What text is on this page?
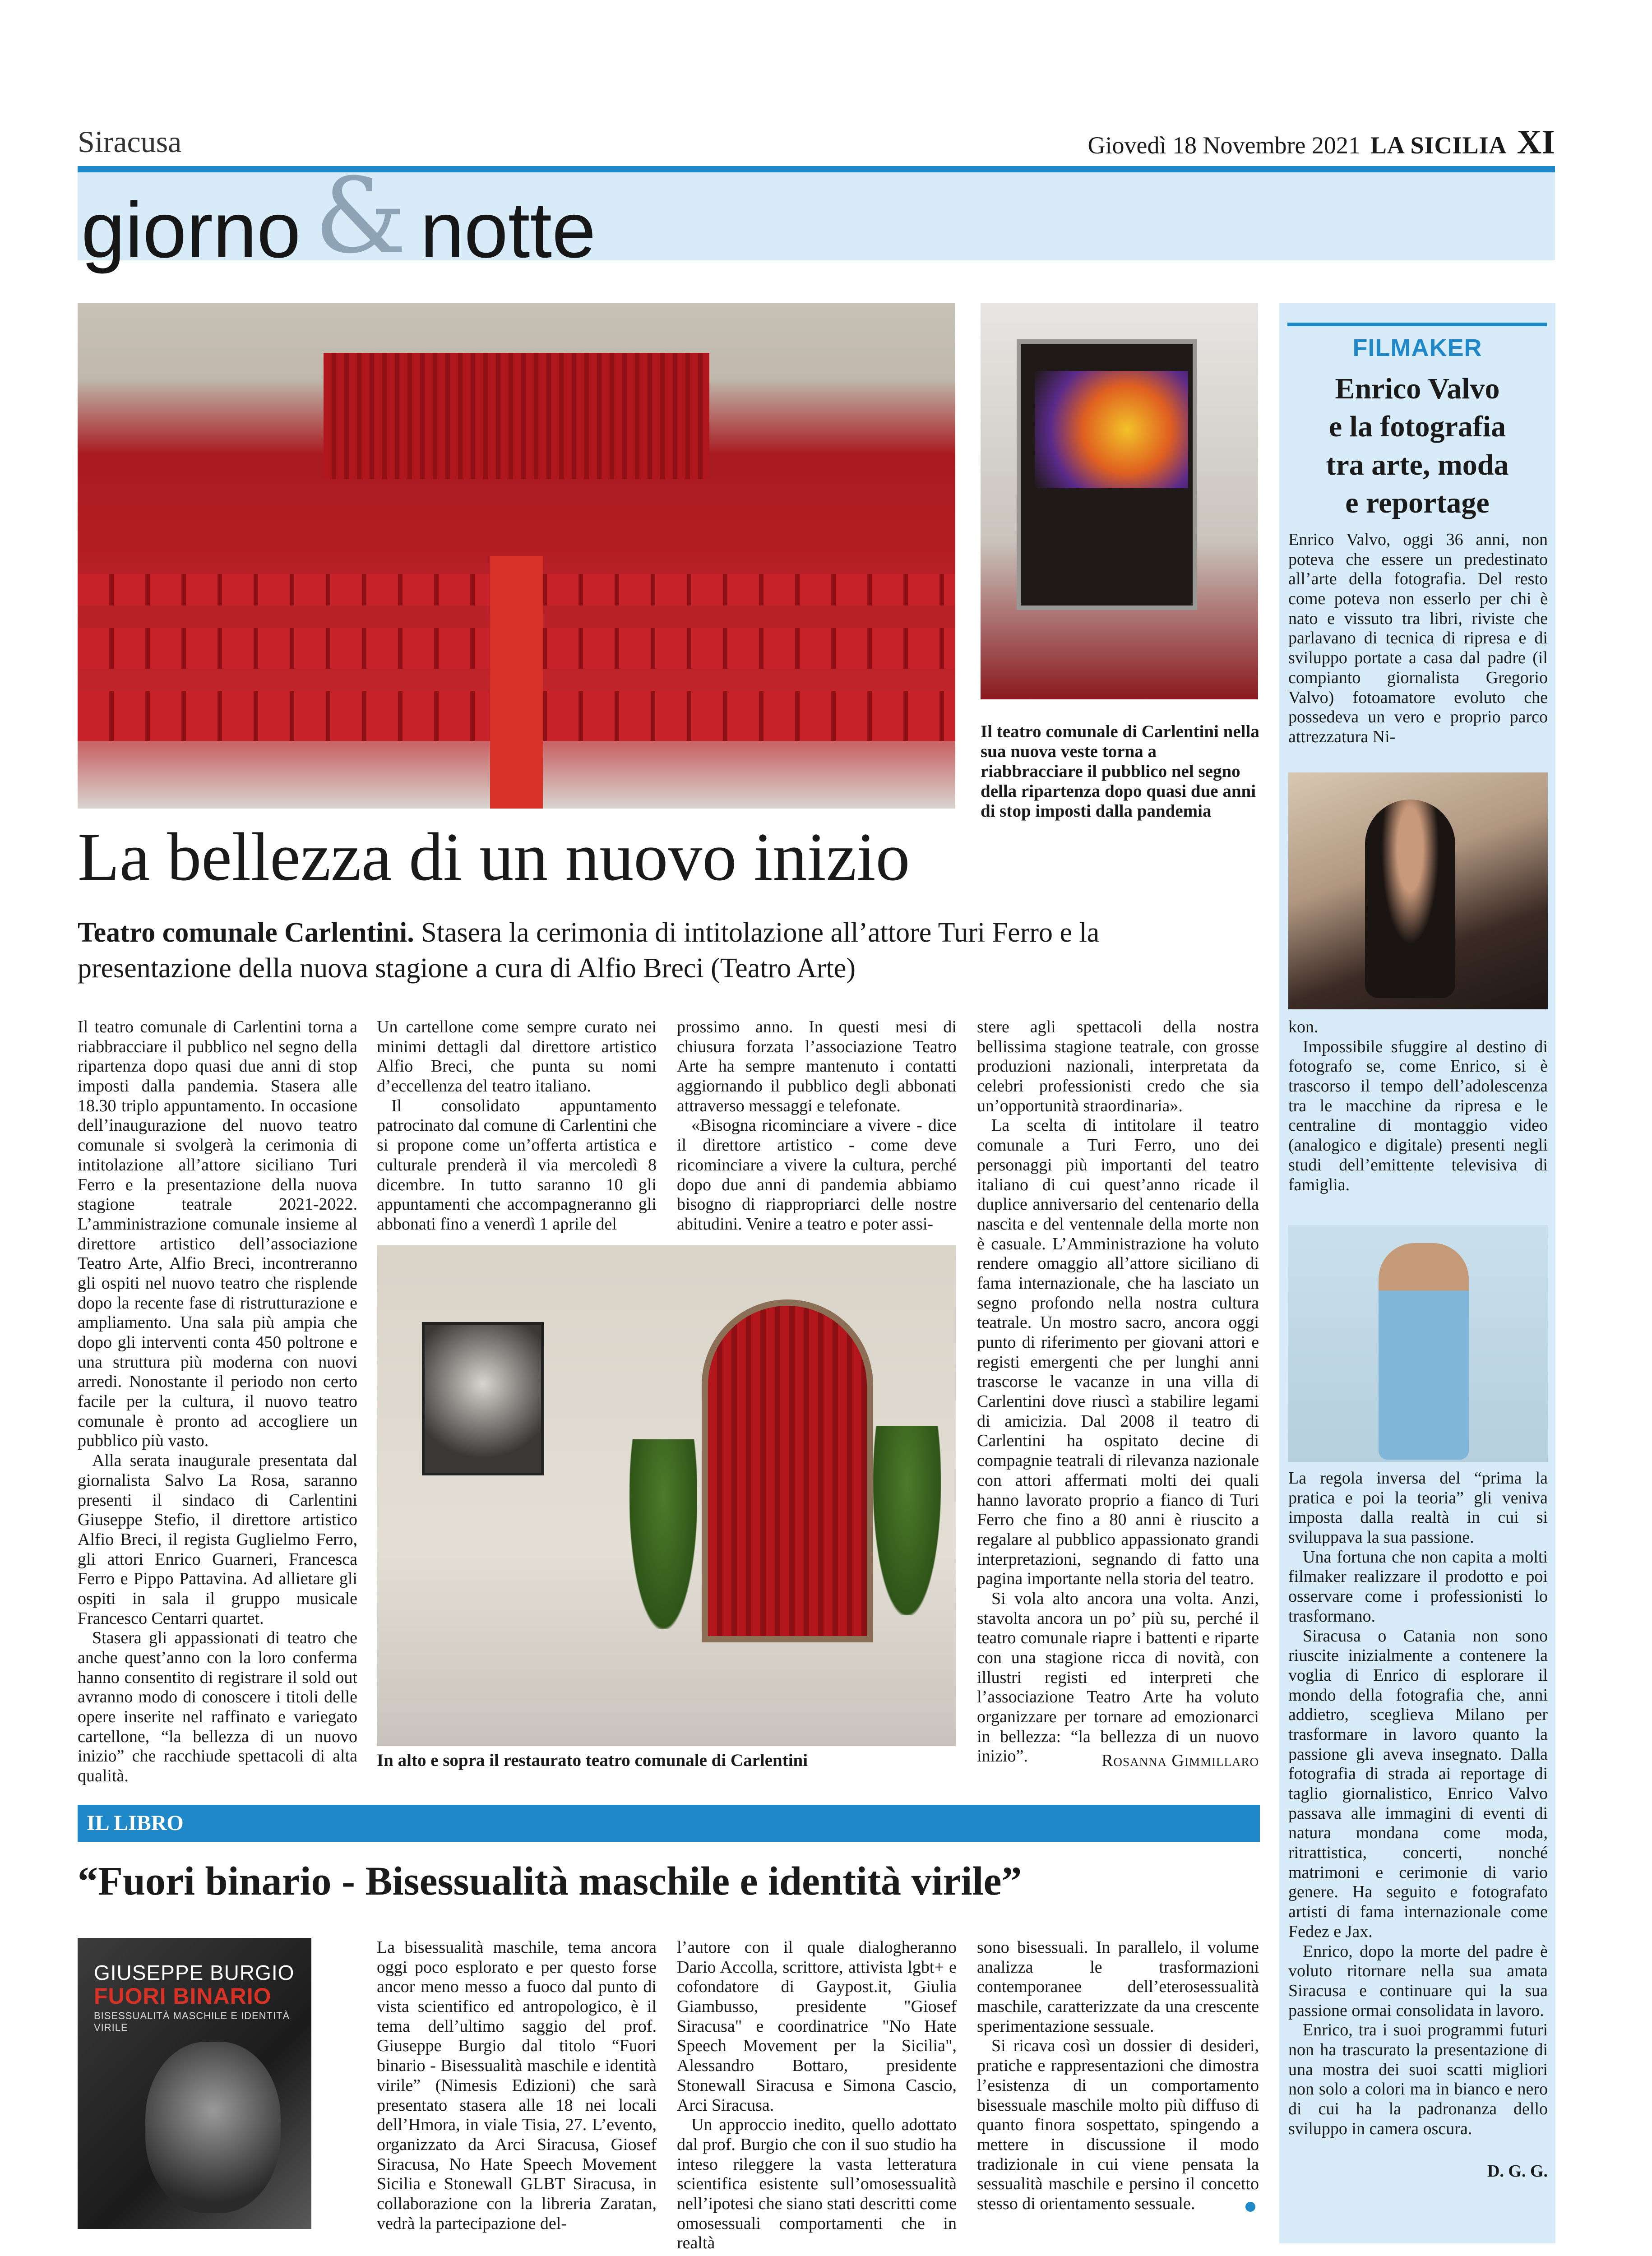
Siracusa	Giovedì 18 Novembre 2021 LA SICILIA XI
giorno & notte
Il teatro comunale di Carlentini nella sua nuova veste torna a riabbracciare il pubblico nel segno della ripartenza dopo quasi due anni di stop imposti dalla pandemia
La bellezza di un nuovo inizio
Teatro comunale Carlentini. Stasera la cerimonia di intitolazione all’attore Turi Ferro e la presentazione della nuova stagione a cura di Alfio Breci (Teatro Arte)

Il teatro comunale di Carlentini torna a riabbracciare il pubblico nel segno della ripartenza dopo quasi due anni di stop imposti dalla pandemia. Stasera alle 18.30 triplo appuntamento. In occasione dell’inaugurazione del nuovo teatro comunale si svolgerà la cerimonia di intitolazione all’attore siciliano Turi Ferro e la presentazione della nuova stagione teatrale 2021-2022. L’amministrazione comunale insieme al direttore artistico dell’associazione Teatro Arte, Alfio Breci, incontreranno gli ospiti nel nuovo teatro che risplende dopo la recente fase di ristrutturazione e ampliamento. Una sala più ampia che dopo gli interventi conta 450 poltrone e una struttura più moderna con nuovi arredi. Nonostante il periodo non certo facile per la cultura, il nuovo teatro comunale è pronto ad accogliere un pubblico più vasto.

Alla serata inaugurale presentata dal giornalista Salvo La Rosa, saranno presenti il sindaco di Carlentini Giuseppe Stefio, il direttore artistico Alfio Breci, il regista Guglielmo Ferro, gli attori Enrico Guarneri, Francesca Ferro e Pippo Pattavina. Ad allietare gli ospiti in sala il gruppo musicale Francesco Centarri quartet.

Stasera gli appassionati di teatro che anche quest’anno con la loro conferma hanno consentito di registrare il sold out avranno modo di conoscere i titoli delle opere inserite nel raffinato e variegato cartellone, “la bellezza di un nuovo inizio” che racchiude spettacoli di alta qualità.

Un cartellone come sempre curato nei minimi dettagli dal direttore artistico Alfio Breci, che punta su nomi d’eccellenza del teatro italiano.

Il consolidato appuntamento patrocinato dal comune di Carlentini che si propone come un’offerta artistica e culturale prenderà il via mercoledì 8 dicembre. In tutto saranno 10 gli appuntamenti che accompagneranno gli abbonati fino a venerdì 1 aprile del

prossimo anno. In questi mesi di chiusura forzata l’associazione Teatro Arte ha sempre mantenuto i contatti aggiornando il pubblico degli abbonati attraverso messaggi e telefonate.

«Bisogna ricominciare a vivere - dice il direttore artistico - come deve ricominciare a vivere la cultura, perché dopo due anni di pandemia abbiamo bisogno di riappropriarci delle nostre abitudini. Venire a teatro e poter assi-

stere agli spettacoli della nostra bellissima stagione teatrale, con grosse produzioni nazionali, interpretata da celebri professionisti credo che sia un’opportunità straordinaria».

La scelta di intitolare il teatro comunale a Turi Ferro, uno dei personaggi più importanti del teatro italiano di cui quest’anno ricade il duplice anniversario del centenario della nascita e del ventennale della morte non è casuale. L’Amministrazione ha voluto rendere omaggio all’attore siciliano di fama internazionale, che ha lasciato un segno profondo nella nostra cultura teatrale. Un mostro sacro, ancora oggi punto di riferimento per giovani attori e registi emergenti che per lunghi anni trascorse le vacanze in una villa di Carlentini dove riuscì a stabilire legami di amicizia. Dal 2008 il teatro di Carlentini ha ospitato decine di compagnie teatrali di rilevanza nazionale con attori affermati molti dei quali hanno lavorato proprio a fianco di Turi Ferro che fino a 80 anni è riuscito a regalare al pubblico appassionato grandi interpretazioni, segnando di fatto una pagina importante nella storia del teatro.

Si vola alto ancora una volta. Anzi, stavolta ancora un po’ più su, perché il teatro comunale riapre i battenti e riparte con una stagione ricca di novità, con illustri registi ed interpreti che l’associazione Teatro Arte ha voluto organizzare per tornare ad emozionarci in bellezza: “la bellezza di un nuovo inizio”.

In alto e sopra il restaurato teatro comunale di Carlentini	Rosanna Gimmillaro
IL LIBRO
“Fuori binario - Bisessualità maschile e identità virile”
GIUSEPPE BURGIO
FUORI BINARIO
BISESSUALITÀ MASCHILE E IDENTITÀ VIRILE

La bisessualità maschile, tema ancora oggi poco esplorato e per questo forse ancor meno messo a fuoco dal punto di vista scientifico ed antropologico, è il tema dell’ultimo saggio del prof. Giuseppe Burgio dal titolo “Fuori binario - Bisessualità maschile e identità virile” (Nimesis Edizioni) che sarà presentato stasera alle 18 nei locali dell’Hmora, in viale Tisia, 27. L’evento, organizzato da Arci Siracusa, Giosef Siracusa, No Hate Speech Movement Sicilia e Stonewall GLBT Siracusa, in collaborazione con la libreria Zaratan, vedrà la partecipazione del-

l’autore con il quale dialogheranno Dario Accolla, scrittore, attivista lgbt+ e cofondatore di Gaypost.it, Giulia Giambusso, presidente "Giosef Siracusa" e coordinatrice "No Hate Speech Movement per la Sicilia", Alessandro Bottaro, presidente Stonewall Siracusa e Simona Cascio, Arci Siracusa.

Un approccio inedito, quello adottato dal prof. Burgio che con il suo studio ha inteso rileggere la vasta letteratura scientifica esistente sull’omosessualità nell’ipotesi che siano stati descritti come omosessuali comportamenti che in realtà

sono bisessuali. In parallelo, il volume analizza le trasformazioni contemporanee dell’eterosessualità maschile, caratterizzate da una crescente sperimentazione sessuale.

Si ricava così un dossier di desideri, pratiche e rappresentazioni che dimostra l’esistenza di un comportamento bisessuale maschile molto più diffuso di quanto finora sospettato, spingendo a mettere in discussione il modo tradizionale in cui viene pensata la sessualità maschile e persino il concetto stesso di orientamento sessuale.

FILMAKER
Enrico Valvo
e la fotografia
tra arte, moda
e reportage

Enrico Valvo, oggi 36 anni, non poteva che essere un predestinato all’arte della fotografia. Del resto come poteva non esserlo per chi è nato e vissuto tra libri, riviste che parlavano di tecnica di ripresa e di sviluppo portate a casa dal padre (il compianto giornalista Gregorio Valvo) fotoamatore evoluto che possedeva un vero e proprio parco attrezzatura Ni-

kon.

Impossibile sfuggire al destino di fotografo se, come Enrico, si è trascorso il tempo dell’adolescenza tra le macchine da ripresa e le centraline di montaggio video (analogico e digitale) presenti negli studi dell’emittente televisiva di famiglia.

La regola inversa del “prima la pratica e poi la teoria” gli veniva imposta dalla realtà in cui si sviluppava la sua passione.

Una fortuna che non capita a molti filmaker realizzare il prodotto e poi osservare come i professionisti lo trasformano.

Siracusa o Catania non sono riuscite inizialmente a contenere la voglia di Enrico di esplorare il mondo della fotografia che, anni addietro, sceglieva Milano per trasformare in lavoro quanto la passione gli aveva insegnato. Dalla fotografia di strada ai reportage di taglio giornalistico, Enrico Valvo passava alle immagini di eventi di natura mondana come moda, ritrattistica, concerti, nonché matrimoni e cerimonie di vario genere. Ha seguito e fotografato artisti di fama internazionale come Fedez e Jax.

Enrico, dopo la morte del padre è voluto ritornare nella sua amata Siracusa e continuare qui la sua passione ormai consolidata in lavoro.

Enrico, tra i suoi programmi futuri non ha trascurato la presentazione di una mostra dei suoi scatti migliori non solo a colori ma in bianco e nero di cui ha la padronanza dello sviluppo in camera oscura.

D. G. G.
